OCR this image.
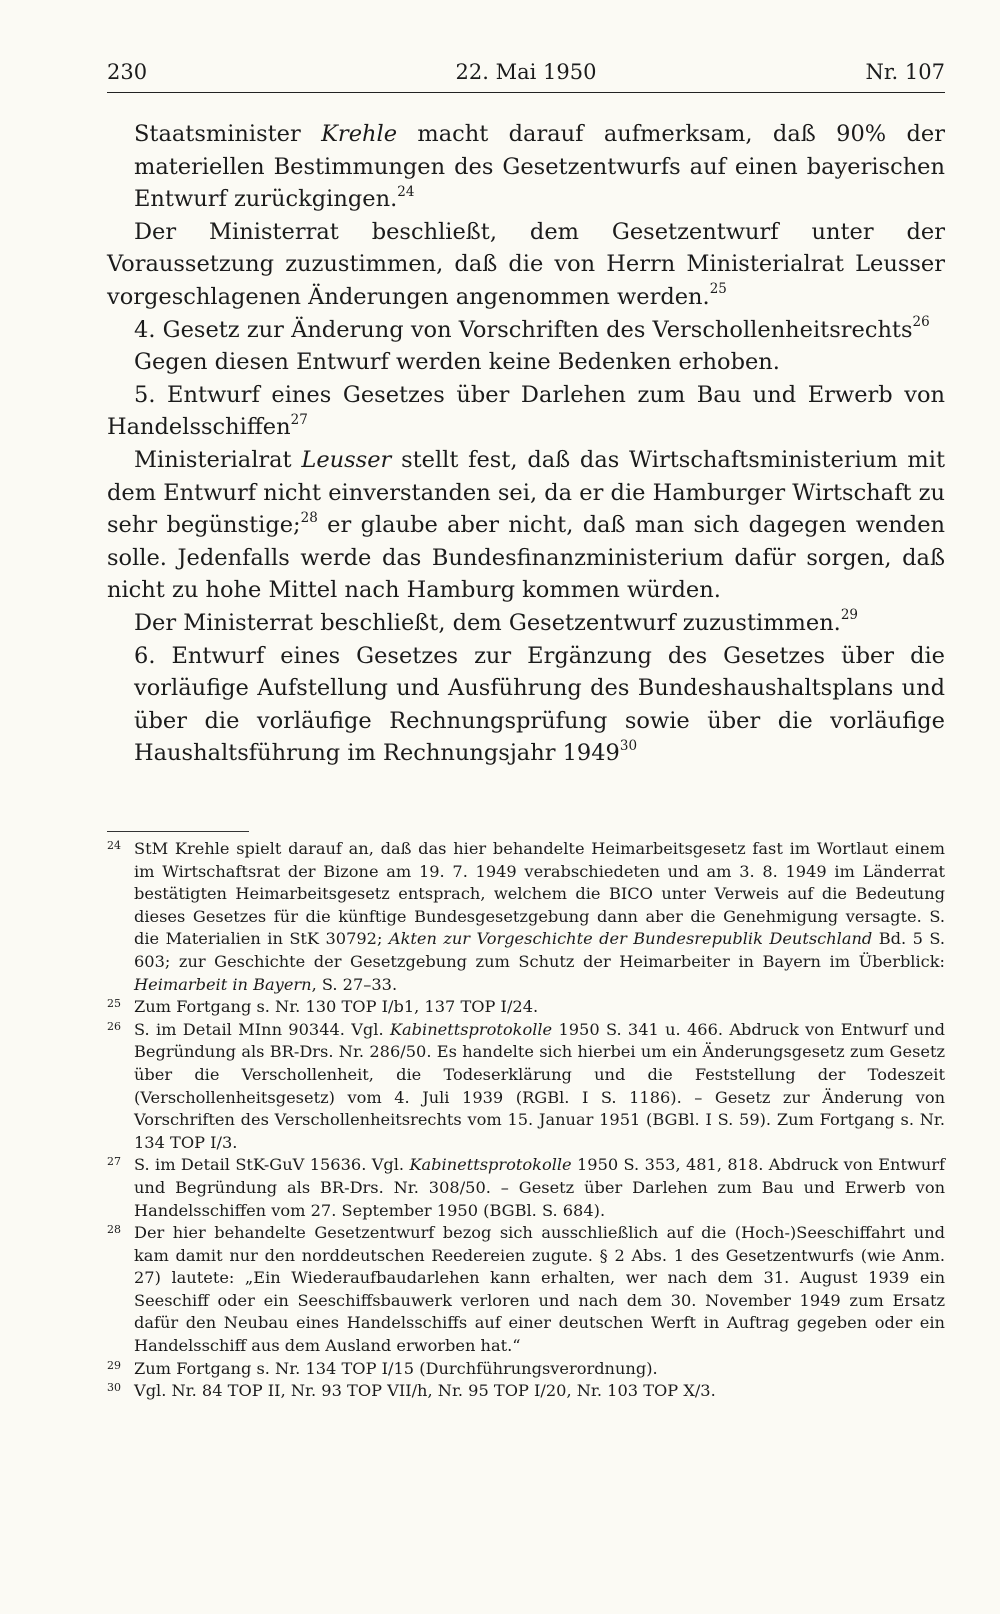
230	22. Mai 1950	Nr. 107

Staatsminister Krehle macht darauf aufmerksam, daß 90% der materiellen Bestimmungen des Gesetzentwurfs auf einen bayerischen Entwurf zurückgingen.$^{24}$

Der Ministerrat beschließt, dem Gesetzentwurf unter der Voraussetzung zuzustimmen, daß die von Herrn Ministerialrat Leusser vorgeschlagenen Änderungen angenommen werden.$^{25}$

4. Gesetz zur Änderung von Vorschriften des Verschollenheitsrechts$^{26}$

Gegen diesen Entwurf werden keine Bedenken erhoben.

5. Entwurf eines Gesetzes über Darlehen zum Bau und Erwerb von Handelsschiffen$^{27}$

Ministerialrat Leusser stellt fest, daß das Wirtschaftsministerium mit dem Entwurf nicht einverstanden sei, da er die Hamburger Wirtschaft zu sehr begünstige;$^{28}$ er glaube aber nicht, daß man sich dagegen wenden solle. Jedenfalls werde das Bundesfinanzministerium dafür sorgen, daß nicht zu hohe Mittel nach Hamburg kommen würden.

Der Ministerrat beschließt, dem Gesetzentwurf zuzustimmen.$^{29}$

6. Entwurf eines Gesetzes zur Ergänzung des Gesetzes über die vorläufige Aufstellung und Ausführung des Bundeshaushaltsplans und über die vorläufige Rechnungsprüfung sowie über die vorläufige Haushaltsführung im Rechnungsjahr 1949$^{30}$

24 StM Krehle spielt darauf an, daß das hier behandelte Heimarbeitsgesetz fast im Wortlaut einem im Wirtschaftsrat der Bizone am 19. 7. 1949 verabschiedeten und am 3. 8. 1949 im Länderrat bestätigten Heimarbeitsgesetz entsprach, welchem die BICO unter Verweis auf die Bedeutung dieses Gesetzes für die künftige Bundesgesetzgebung dann aber die Genehmigung versagte. S. die Materialien in StK 30792; Akten zur Vorgeschichte der Bundesrepublik Deutschland Bd. 5 S. 603; zur Geschichte der Gesetzgebung zum Schutz der Heimarbeiter in Bayern im Überblick: Heimarbeit in Bayern, S. 27–33.
25 Zum Fortgang s. Nr. 130 TOP I/b1, 137 TOP I/24.
26 S. im Detail MInn 90344. Vgl. Kabinettsprotokolle 1950 S. 341 u. 466. Abdruck von Entwurf und Begründung als BR-Drs. Nr. 286/50. Es handelte sich hierbei um ein Änderungsgesetz zum Gesetz über die Verschollenheit, die Todeserklärung und die Feststellung der Todeszeit (Verschollenheitsgesetz) vom 4. Juli 1939 (RGBl. I S. 1186). – Gesetz zur Änderung von Vorschriften des Verschollenheitsrechts vom 15. Januar 1951 (BGBl. I S. 59). Zum Fortgang s. Nr. 134 TOP I/3.
27 S. im Detail StK-GuV 15636. Vgl. Kabinettsprotokolle 1950 S. 353, 481, 818. Abdruck von Entwurf und Begründung als BR-Drs. Nr. 308/50. – Gesetz über Darlehen zum Bau und Erwerb von Handelsschiffen vom 27. September 1950 (BGBl. S. 684).
28 Der hier behandelte Gesetzentwurf bezog sich ausschließlich auf die (Hoch-)Seeschiffahrt und kam damit nur den norddeutschen Reedereien zugute. § 2 Abs. 1 des Gesetzentwurfs (wie Anm. 27) lautete: „Ein Wiederaufbaudarlehen kann erhalten, wer nach dem 31. August 1939 ein Seeschiff oder ein Seeschiffsbauwerk verloren und nach dem 30. November 1949 zum Ersatz dafür den Neubau eines Handelsschiffs auf einer deutschen Werft in Auftrag gegeben oder ein Handelsschiff aus dem Ausland erworben hat.“
29 Zum Fortgang s. Nr. 134 TOP I/15 (Durchführungsverordnung).
30 Vgl. Nr. 84 TOP II, Nr. 93 TOP VII/h, Nr. 95 TOP I/20, Nr. 103 TOP X/3.
